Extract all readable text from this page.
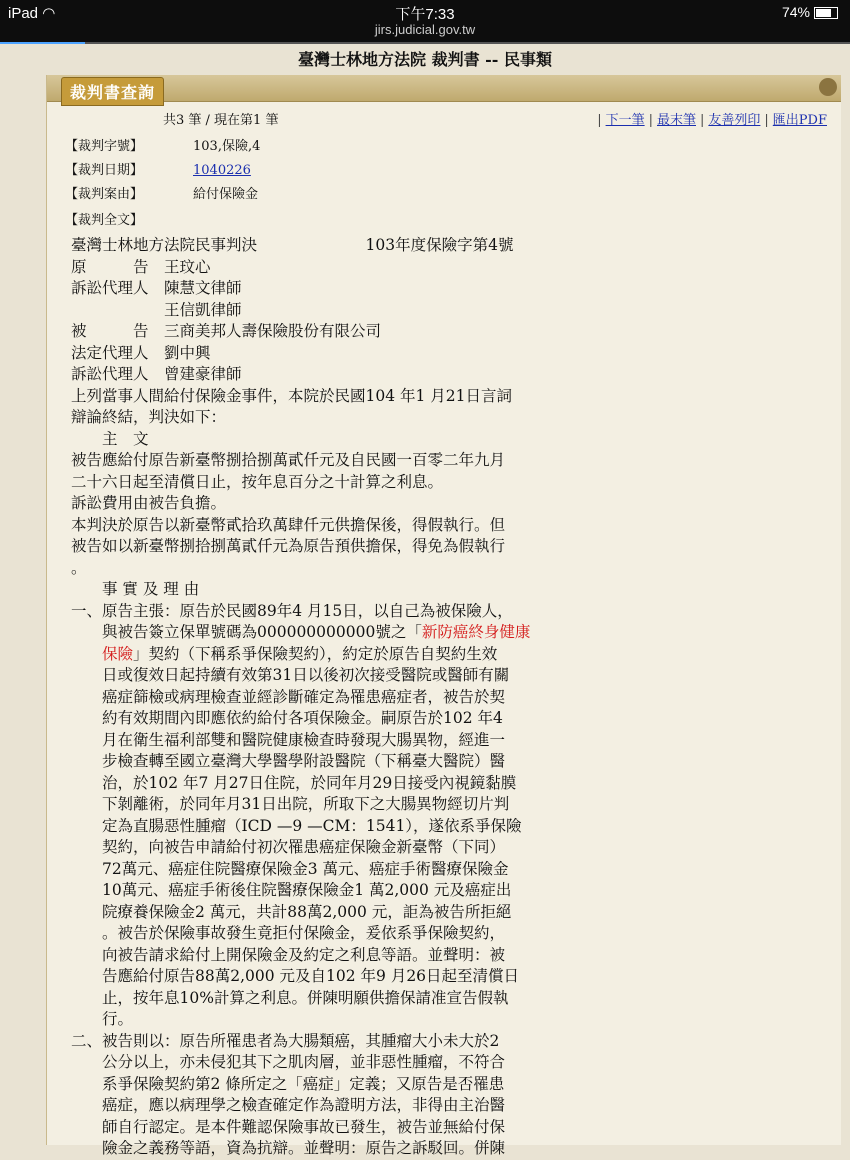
iPad ◠	下午7:33
jirs.judicial.gov.tw
74%
臺灣士林地方法院 裁判書 -- 民事類
裁判書查詢
共3 筆 / 現在第1 筆	| 下一筆 | 最末筆 | 友善列印 | 匯出PDF
【裁判字號】	103,保險,4
【裁判日期】	1040226
【裁判案由】	給付保險金
【裁判全文】
臺灣士林地方法院民事判決　　　　　　　103年度保險字第4號
原　　　告　王玟心
訴訟代理人　陳慧文律師
　　　　　　王信凱律師
被　　　告　三商美邦人壽保險股份有限公司
法定代理人　劉中興
訴訟代理人　曾建豪律師
上列當事人間給付保險金事件，本院於民國104 年1 月21日言詞
辯論終結，判決如下：
　　主　文
被告應給付原告新臺幣捌拾捌萬貳仟元及自民國一百零二年九月
二十六日起至清償日止，按年息百分之十計算之利息。
訴訟費用由被告負擔。
本判決於原告以新臺幣貳拾玖萬肆仟元供擔保後，得假執行。但
被告如以新臺幣捌拾捌萬貳仟元為原告預供擔保，得免為假執行
。
　　事 實 及 理 由
一、原告主張：原告於民國89年4 月15日，以自己為被保險人，
　　與被告簽立保單號碼為000000000000號之「新防癌終身健康
　　保險」契約（下稱系爭保險契約），約定於原告自契約生效
　　日或復效日起持續有效第31日以後初次接受醫院或醫師有關
　　癌症篩檢或病理檢查並經診斷確定為罹患癌症者，被告於契
　　約有效期間內即應依約給付各項保險金。嗣原告於102 年4
　　月在衛生福利部雙和醫院健康檢查時發現大腸異物，經進一
　　步檢查轉至國立臺灣大學醫學附設醫院（下稱臺大醫院）醫
　　治，於102 年7 月27日住院，於同年月29日接受內視鏡黏膜
　　下剝離術，於同年月31日出院，所取下之大腸異物經切片判
　　定為直腸惡性腫瘤（ICD —9 —CM：1541），遂依系爭保險
　　契約，向被告申請給付初次罹患癌症保險金新臺幣（下同）
　　72萬元、癌症住院醫療保險金3 萬元、癌症手術醫療保險金
　　10萬元、癌症手術後住院醫療保險金1 萬2,000 元及癌症出
　　院療養保險金2 萬元，共計88萬2,000 元，詎為被告所拒絕
　　。被告於保險事故發生竟拒付保險金，爰依系爭保險契約，
　　向被告請求給付上開保險金及約定之利息等語。並聲明：被
　　告應給付原告88萬2,000 元及自102 年9 月26日起至清償日
　　止，按年息10%計算之利息。併陳明願供擔保請准宣告假執
　　行。
二、被告則以：原告所罹患者為大腸類癌，其腫瘤大小未大於2
　　公分以上，亦未侵犯其下之肌肉層，並非惡性腫瘤，不符合
　　系爭保險契約第2 條所定之「癌症」定義；又原告是否罹患
　　癌症，應以病理學之檢查確定作為證明方法，非得由主治醫
　　師自行認定。是本件難認保險事故已發生，被告並無給付保
　　險金之義務等語，資為抗辯。並聲明：原告之訴駁回。併陳
